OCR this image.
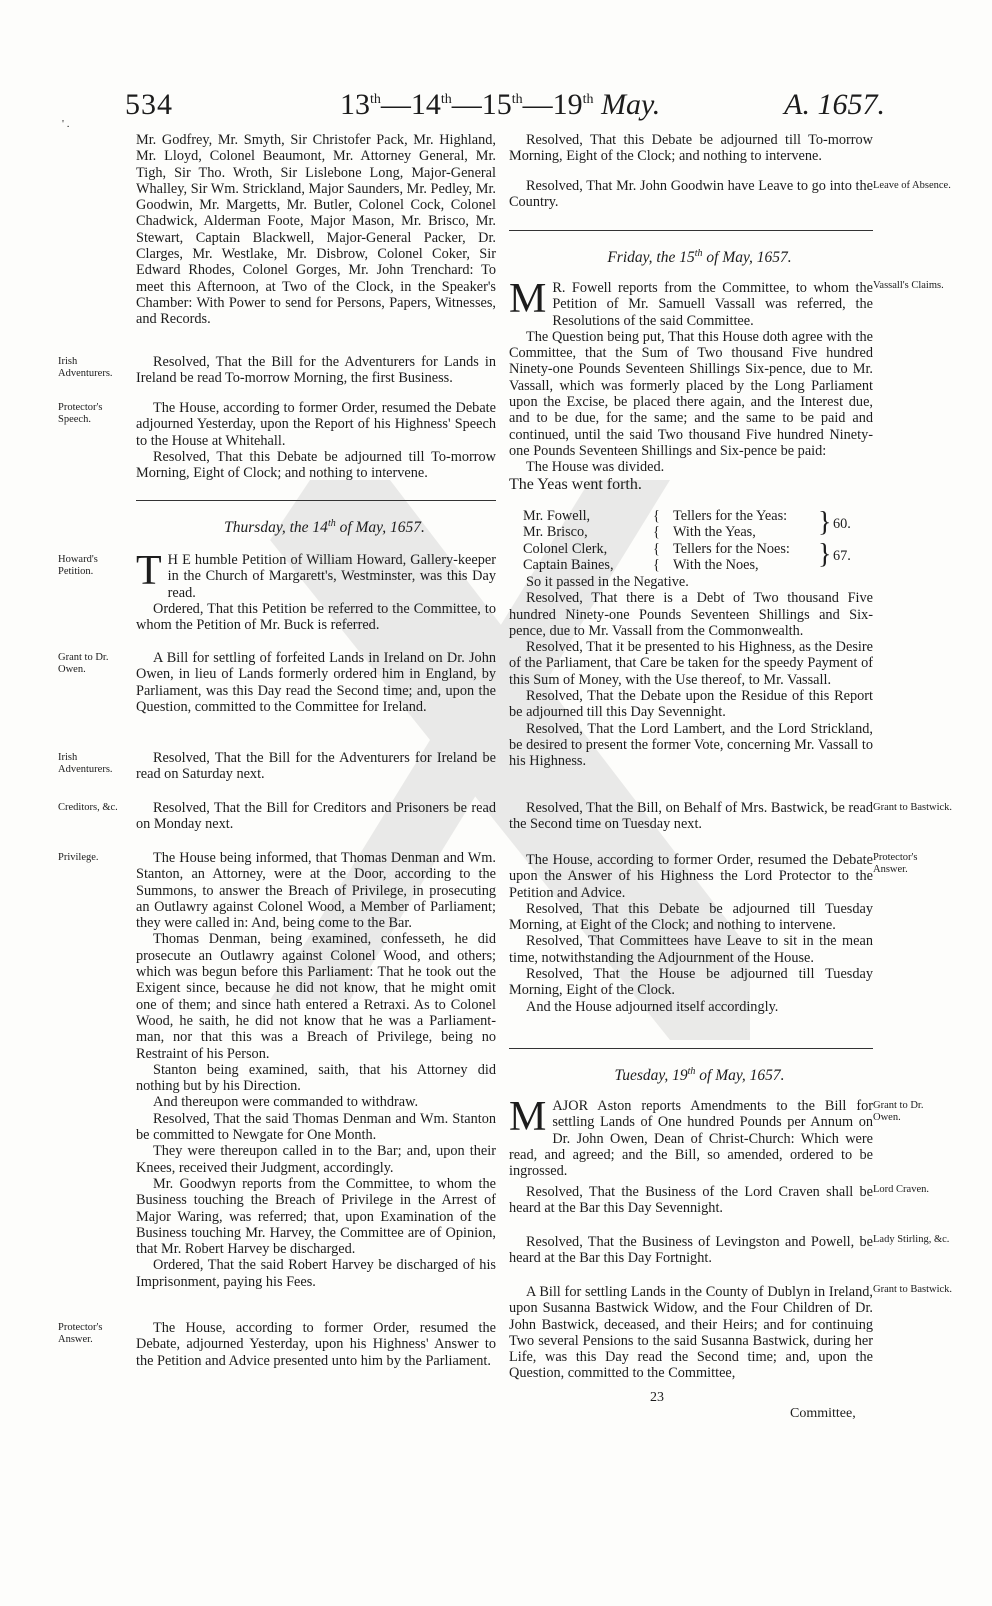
534	13th—14th—15th—19th May.	A. 1657.
' .

Mr. Godfrey, Mr. Smyth, Sir Christofer Pack, Mr. Highland, Mr. Lloyd, Colonel Beaumont, Mr. Attorney General, Mr. Tigh, Sir Tho. Wroth, Sir Lislebone Long, Major-General Whalley, Sir Wm. Strickland, Major Saunders, Mr. Pedley, Mr. Goodwin, Mr. Margetts, Mr. Butler, Colonel Cock, Colonel Chadwick, Alderman Foote, Major Mason, Mr. Brisco, Mr. Stewart, Captain Blackwell, Major-General Packer, Dr. Clarges, Mr. Westlake, Mr. Disbrow, Colonel Coker, Sir Edward Rhodes, Colonel Gorges, Mr. John Trenchard: To meet this Afternoon, at Two of the Clock, in the Speaker's Chamber: With Power to send for Persons, Papers, Witnesses, and Records.

Resolved, That the Bill for the Adventurers for Lands in Ireland be read To-morrow Morning, the first Business.

The House, according to former Order, resumed the Debate adjourned Yesterday, upon the Report of his Highness' Speech to the House at Whitehall.

Resolved, That this Debate be adjourned till To-morrow Morning, Eight of Clock; and nothing to intervene.

Thursday, the 14th of May, 1657.

T H E humble Petition of William Howard, Gallery-keeper in the Church of Margarett's, Westminster, was this Day read.

Ordered, That this Petition be referred to the Committee, to whom the Petition of Mr. Buck is referred.

A Bill for settling of forfeited Lands in Ireland on Dr. John Owen, in lieu of Lands formerly ordered him in England, by Parliament, was this Day read the Second time; and, upon the Question, committed to the Committee for Ireland.

Resolved, That the Bill for the Adventurers for Ireland be read on Saturday next.

Resolved, That the Bill for Creditors and Prisoners be read on Monday next.

The House being informed, that Thomas Denman and Wm. Stanton, an Attorney, were at the Door, according to the Summons, to answer the Breach of Privilege, in prosecuting an Outlawry against Colonel Wood, a Member of Parliament; they were called in: And, being come to the Bar.

Thomas Denman, being examined, confesseth, he did prosecute an Outlawry against Colonel Wood, and others; which was begun before this Parliament: That he took out the Exigent since, because he did not know, that he might omit one of them; and since hath entered a Retraxi. As to Colonel Wood, he saith, he did not know that he was a Parliament-man, nor that this was a Breach of Privilege, being no Restraint of his Person.

Stanton being examined, saith, that his Attorney did nothing but by his Direction.

And thereupon were commanded to withdraw.

Resolved, That the said Thomas Denman and Wm. Stanton be committed to Newgate for One Month.

They were thereupon called in to the Bar; and, upon their Knees, received their Judgment, accordingly.

Mr. Goodwyn reports from the Committee, to whom the Business touching the Breach of Privilege in the Arrest of Major Waring, was referred; that, upon Examination of the Business touching Mr. Harvey, the Committee are of Opinion, that Mr. Robert Harvey be discharged.

Ordered, That the said Robert Harvey be discharged of his Imprisonment, paying his Fees.

The House, according to former Order, resumed the Debate, adjourned Yesterday, upon his Highness' Answer to the Petition and Advice presented unto him by the Parliament.

Irish Adventurers.
Protector's Speech.
Howard's Petition.
Grant to Dr. Owen.
Irish Adventurers.
Creditors, &c.
Privilege.
Protector's Answer.

Resolved, That this Debate be adjourned till To-morrow Morning, Eight of the Clock; and nothing to intervene.

Resolved, That Mr. John Goodwin have Leave to go into the Country.

Friday, the 15th of May, 1657.

M R. Fowell reports from the Committee, to whom the Petition of Mr. Samuell Vassall was referred, the Resolutions of the said Committee.

The Question being put, That this House doth agree with the Committee, that the Sum of Two thousand Five hundred Ninety-one Pounds Seventeen Shillings Six-pence, due to Mr. Vassall, which was formerly placed by the Long Parliament upon the Excise, be placed there again, and the Interest due, and to be due, for the same; and the same to be paid and continued, until the said Two thousand Five hundred Ninety-one Pounds Seventeen Shillings and Six-pence be paid:

The House was divided.

The Yeas went forth.

Mr. Fowell,	{ Tellers for the Yeas:
Mr. Brisco,	{ With the Yeas, } 60.
Colonel Clerk,	{ Tellers for the Noes:
Captain Baines,	{ With the Noes, } 67.

So it passed in the Negative.

Resolved, That there is a Debt of Two thousand Five hundred Ninety-one Pounds Seventeen Shillings and Six-pence, due to Mr. Vassall from the Commonwealth.

Resolved, That it be presented to his Highness, as the Desire of the Parliament, that Care be taken for the speedy Payment of this Sum of Money, with the Use thereof, to Mr. Vassall.

Resolved, That the Debate upon the Residue of this Report be adjourned till this Day Sevennight.

Resolved, That the Lord Lambert, and the Lord Strickland, be desired to present the former Vote, concerning Mr. Vassall to his Highness.

Resolved, That the Bill, on Behalf of Mrs. Bastwick, be read the Second time on Tuesday next.

The House, according to former Order, resumed the Debate upon the Answer of his Highness the Lord Protector to the Petition and Advice.

Resolved, That this Debate be adjourned till Tuesday Morning, at Eight of the Clock; and nothing to intervene.

Resolved, That Committees have Leave to sit in the mean time, notwithstanding the Adjournment of the House.

Resolved, That the House be adjourned till Tuesday Morning, Eight of the Clock.

And the House adjourned itself accordingly.

Tuesday, 19th of May, 1657.

M AJOR Aston reports Amendments to the Bill for settling Lands of One hundred Pounds per Annum on Dr. John Owen, Dean of Christ-Church: Which were read, and agreed; and the Bill, so amended, ordered to be ingrossed.

Resolved, That the Business of the Lord Craven shall be heard at the Bar this Day Sevennight.

Resolved, That the Business of Levingston and Powell, be heard at the Bar this Day Fortnight.

A Bill for settling Lands in the County of Dublyn in Ireland, upon Susanna Bastwick Widow, and the Four Children of Dr. John Bastwick, deceased, and their Heirs; and for continuing Two several Pensions to the said Susanna Bastwick, during her Life, was this Day read the Second time; and, upon the Question, committed to the Committee,

Leave of Absence.
Vassall's Claims.
Grant to Bastwick.
Protector's Answer.
Grant to Dr. Owen.
Lord Craven.
Lady Stirling, &c.
Grant to Bastwick.
23
Committee,
